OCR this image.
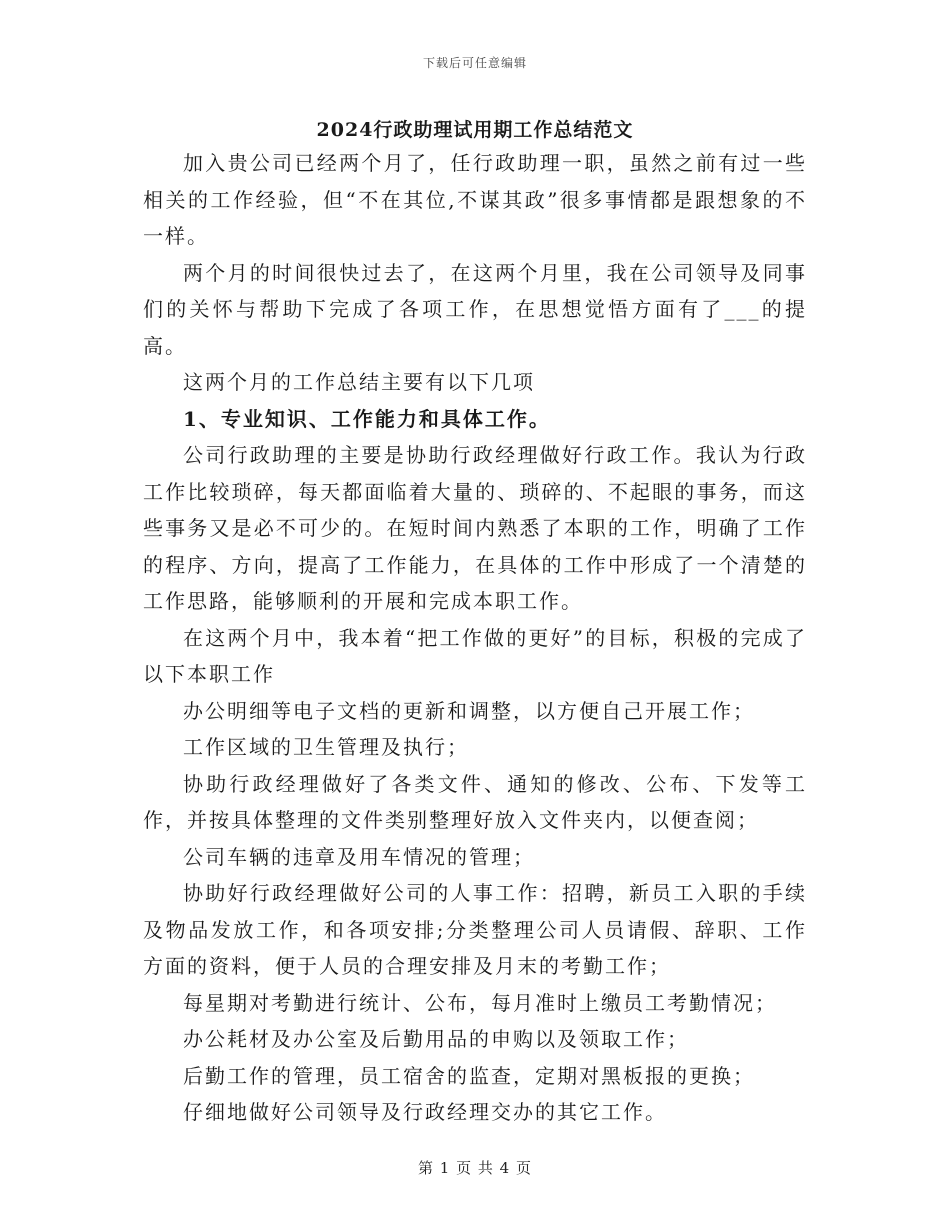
下载后可任意编辑
2024行政助理试用期工作总结范文

加入贵公司已经两个月了，任行政助理一职，虽然之前有过一些相关的工作经验，但“不在其位,不谋其政”很多事情都是跟想象的不一样。

两个月的时间很快过去了，在这两个月里，我在公司领导及同事们的关怀与帮助下完成了各项工作，在思想觉悟方面有了___的提高。

这两个月的工作总结主要有以下几项

1、专业知识、工作能力和具体工作。

公司行政助理的主要是协助行政经理做好行政工作。我认为行政工作比较琐碎，每天都面临着大量的、琐碎的、不起眼的事务，而这些事务又是必不可少的。在短时间内熟悉了本职的工作，明确了工作的程序、方向，提高了工作能力，在具体的工作中形成了一个清楚的工作思路，能够顺利的开展和完成本职工作。

在这两个月中，我本着“把工作做的更好”的目标，积极的完成了以下本职工作

办公明细等电子文档的更新和调整，以方便自己开展工作；

工作区域的卫生管理及执行；

协助行政经理做好了各类文件、通知的修改、公布、下发等工作，并按具体整理的文件类别整理好放入文件夹内，以便查阅；

公司车辆的违章及用车情况的管理；

协助好行政经理做好公司的人事工作：招聘，新员工入职的手续及物品发放工作，和各项安排;分类整理公司人员请假、辞职、工作方面的资料，便于人员的合理安排及月末的考勤工作；

每星期对考勤进行统计、公布，每月准时上缴员工考勤情况；

办公耗材及办公室及后勤用品的申购以及领取工作；

后勤工作的管理，员工宿舍的监查，定期对黑板报的更换；

仔细地做好公司领导及行政经理交办的其它工作。

第 1 页 共 4 页
